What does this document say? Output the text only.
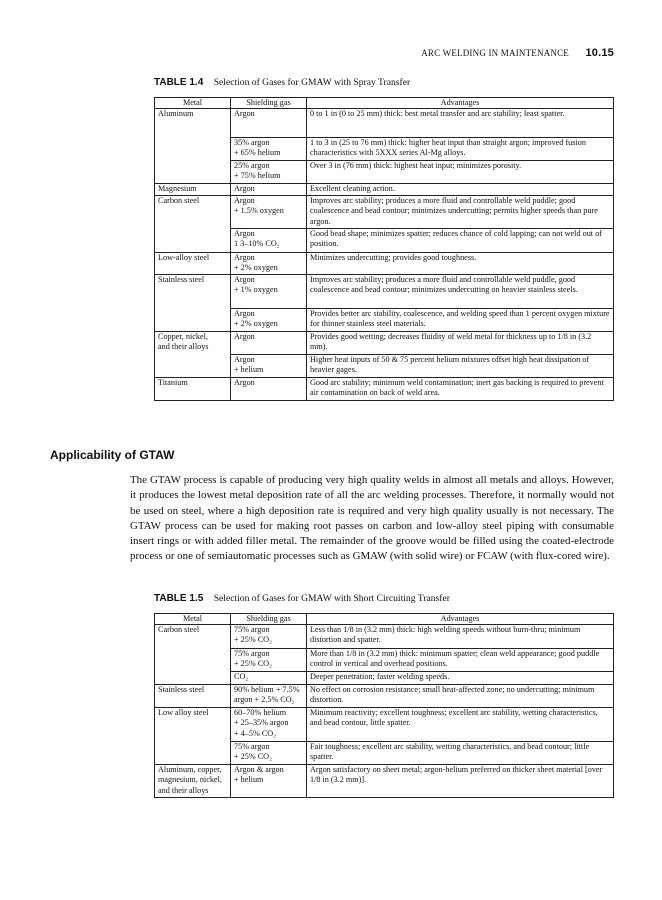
ARC WELDING IN MAINTENANCE 10.15
TABLE 1.4 Selection of Gases for GMAW with Spray Transfer
Metal	Shielding gas	Advantages
Aluminum	Argon	0 to 1 in (0 to 25 mm) thick: best metal transfer and arc stability; least spatter.
	35% argon
+ 65% helium	1 to 3 in (25 to 76 mm) thick: higher heat input than straight argon; improved fusion characteristics with 5XXX series Al-Mg alloys.
	25% argon
+ 75% helium	Over 3 in (76 mm) thick: highest heat input; minimizes porosity.
Magnesium	Argon	Excellent cleaning action.
Carbon steel	Argon
+ 1.5% oxygen	Improves arc stability; produces a more fluid and controllable weld puddle; good coalescence and bead contour; minimizes undercutting; permits higher speeds than pure argon.
	Argon
1 3–10% CO₂	Good bead shape; minimizes spatter; reduces chance of cold lapping; can not weld out of position.
Low-alloy steel	Argon
+ 2% oxygen	Minimizes undercutting; provides good toughness.
Stainless steel	Argon
+ 1% oxygen	Improves arc stability; produces a more fluid and controllable weld puddle, good coalescence and bead contour; minimizes undercutting on heavier stainless steels.
	Argon
+ 2% oxygen	Provides better arc stability, coalescence, and welding speed than 1 percent oxygen mixture for thinner stainless steel materials.
Copper, nickel,
and their alloys	Argon	Provides good wetting; decreases fluidity of weld metal for thickness up to 1/8 in (3.2 mm).
	Argon
+ helium	Higher heat inputs of 50 & 75 percent helium mixtures offset high heat dissipation of heavier gages.
Titanium	Argon	Good arc stability; minimum weld contamination; inert gas backing is required to prevent air contamination on back of weld area.
Applicability of GTAW

The GTAW process is capable of producing very high quality welds in almost all metals and alloys. However, it produces the lowest metal deposition rate of all the arc welding processes. Therefore, it normally would not be used on steel, where a high deposition rate is required and very high quality usually is not necessary. The GTAW process can be used for making root passes on carbon and low-alloy steel piping with consumable insert rings or with added filler metal. The remainder of the groove would be filled using the coated-electrode process or one of semiautomatic processes such as GMAW (with solid wire) or FCAW (with flux-cored wire).

TABLE 1.5 Selection of Gases for GMAW with Short Circuiting Transfer
Metal	Shielding gas	Advantages
Carbon steel	75% argon
+ 25% CO₂	Less than 1/8 in (3.2 mm) thick: high welding speeds without burn-thru; minimum distortion and spatter.
	75% argon
+ 25% CO₂	More than 1/8 in (3.2 mm) thick: minimum spatter; clean weld appearance; good puddle control in vertical and overhead positions.
	CO₂	Deeper penetration; faster welding speeds.
Stainless steel	90% helium + 7.5%
argon + 2.5% CO₂	No effect on corrosion resistance; small heat-affected zone; no undercutting; minimum distortion.
Low alloy steel	60–70% helium
+ 25–35% argon
+ 4–5% CO₂	Minimum reactivity; excellent toughness; excellent arc stability, wetting characteristics, and bead contour, little spatter.
	75% argon
+ 25% CO₂	Fair toughness; excellent arc stability, wetting characteristics, and bead contour; little spatter.
Aluminum, copper,
magnesium, nickel,
and their alloys	Argon & argon
+ helium	Argon satisfactory on sheet metal; argon-helium preferred on thicker sheet material [over 1/8 in (3.2 mm)].
